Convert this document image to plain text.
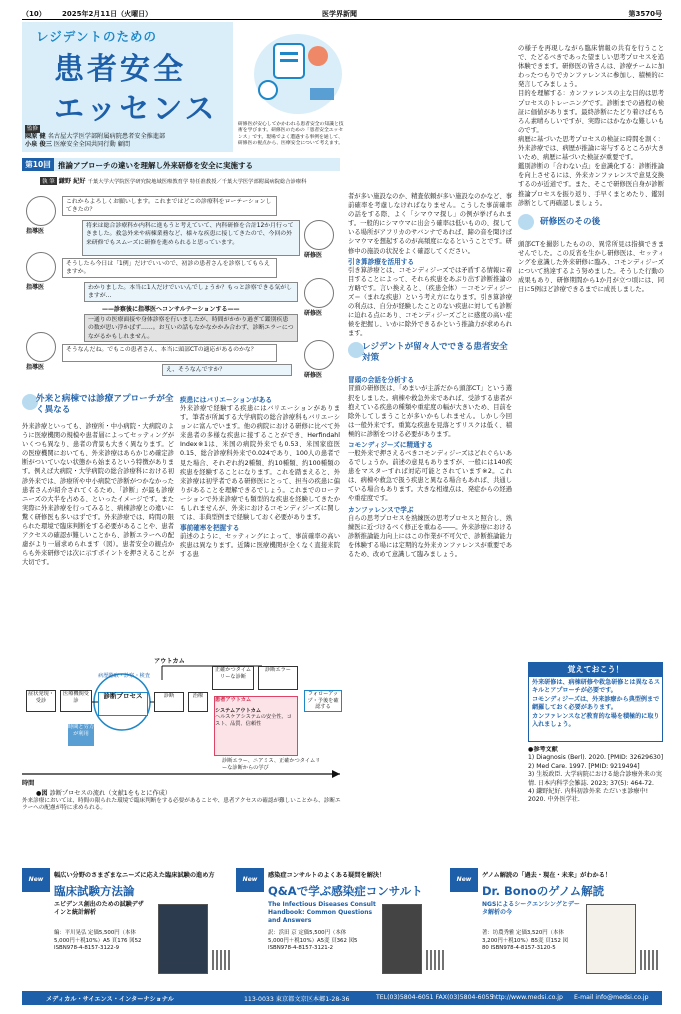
（10） 2025年2月11日（火曜日）	医学界新聞	第3570号
レジデントのための
患者安全
エッセンス
監修
陳原 健 名古屋大学医学部附属病院患者安全推進部
小泉 俊三 医療安全全国共同行動 顧問
研修医が安心してかかわれる患者安全の知識と技術を学びます。研修医のための「患者安全エッセンス」です。現場でよく遭遇する事例を通して、研修医の視点から、医療安全について考えます。
第10回 推論アプローチの違いを理解し外来研修を安全に実施する
執 筆 鎌野 紀好 千葉大学大学院医学研究院地域医療教育学 特任准教授／千葉大学医学部附属病院総合診療科
指導医
これからよろしくお願いします。これまではどこの診療科をローテーションしてきたの？
研修医
将来は総合診療科か内科に進もうと考えていて、内科研修を合計12か月行ってきました。救急外来や病棟業務など、様々な疾患に接してきたので、今回の外来研修でもスムーズに研修を進められると思っています。
指導医
そうしたら今日は「1例」だけでいいので、初診の患者さんを診察してもらえますか。
研修医
わかりました。本当に1人だけでいいんでしょうか？もっと診察できる気がしますが…
——診察後に指導医へコンサルテーションする——
一通りの医療面接や身体診察を行いましたが、時間がかかり過ぎて鑑別疾患の数が思い浮かばず……。お互いの話もなかなかかみ合わず、診断エラーにつながるかもしれません。
指導医
そうなんだね。でもこの患者さん、本当に頭部CTの適応があるのかな？
研修医
え、そうなんですか？
外来と病棟では診療アプローチが全く異なる
外来診療といっても、診療所・中小病院・大病院のように医療機関の規模や患者層によってセッティングがいくつも異なり、患者の背景も大きく異なります。どの医療機関においても、外来診療はあらかじめ確定診断がついていない状態から始まるという特徴があります。例えば大病院・大学病院の総合診療科における初診外来では、診療所や中小病院で診断がつかなかった患者さんが紹介されてくるため、「診断」が最も診療ニーズの大半を占める、といったイメージです。また実際に外来診療を行ってみると、病棟診療との違いに驚く研修医も多いはずです。外来診療では、時間の限られた環境で臨床判断をする必要があることや、患者アクセスの確認が難しいことから、診断エラーへの配慮がより一層求められます（図）。患者安全の観点からも外来研修では次に示すポイントを押さえることが大切です。
疾患にはバリエーションがある
外来診療で経験する疾患にはバリエーションがあります。筆者が所属する大学病院の総合診療科もバリエーションに富んでいます。他の病院における研修に比べて外来患者の多様な疾患に接することができ、Herfindahl Index※1は、米国の病院外来でも0.53、米国家庭医0.15、総合診療科外来で0.024であり、100人の患者で見た場合、それぞれ約2種類、約10種類、約100種類の疾患を経験することになります。これを踏まえると、外来診療は初学者である研修医にとって、担当の疾患に偏りがあることを理解できるでしょう。これまでのローテーションで外来診療でも類型的な疾患を経験してきたかもしれませんが、外来におけるコモンディジーズに関しては、非典型例まで経験しておく必要があります。
事前確率を把握する
前述のように、セッティングによって、事前確率の高い疾患は異なります。近隣に医療機関が全くなく直接来院する患
者が多い施設なのか、精査依頼が多い施設なのかなど、事前確率を考慮しなければなりません。こうした事前確率の話をする際、よく「シマウマ探し」の例が挙げられます。一般的にシマウマに出会う確率は低いものの、探している場所がアフリカのサバンナであれば、蹄の音を聞けばシマウマを想起するのが高頻度になるということです。研修中の施設の状況をよく確認してください。
引き算診療を活用する
引き算診療とは、コモンディジーズでは矛盾する情報に着目することによって、それら疾患をあぶり出す診断推論の方略です。言い換えると、（疾患全体）－コモンディジーズ＝（まれな疾患）という考え方になります。引き算診療の利点は、自分が経験したことのない疾患に対しても診断に迫れる点にあり、コモンディジーズごとに感度の高い症候を把握し、いかに除外できるかという推論力が求められます。
レジデントが留々人でできる患者安全対策
冒頭の会話を分析する
冒頭の研修医は、「めまいが主訴だから頭部CT」という選択をしました。病棟や救急外来であれば、受診する患者が抱えている疾患の種類や重症度の幅が大きいため、目前を除外してしまうことが多いかもしれません。しかし今回は一般外来です。重篤な疾患を見落とすリスクは低く、積極的に診断をつける必要があります。
コモンディジーズに精通する
一般外来で押さえるべきコモンディジーズはどれぐらいあるでしょうか。前述の意見もありますが、一般には140疾患をマスターすれば対応可能とされています※2。これは、病棟や救急で扱う疾患と異なる場合もあれば、共通している場合もあります。大きな相違点は、発症からの経過や重症度です。
カンファレンスで学ぶ
自らの思考プロセスを熟練医の思考プロセスと照合し、熟練医に近づけるべく修正を重ねる――。外来診療における診断推論能力向上にはこの作業が不可欠で、診断推論能力を体験する場には定期的な外来カンファレンスが重要であるため、改めて意識して臨みましょう。
の様子を再現しながら臨床情報の共有を行うことで、たどるべきであった望ましい思考プロセスを追体験できます。研修医の皆さんは、診療チームに加わったつもりでカンファレンスに参加し、積極的に発言してみましょう。
目的を理解する：カンファレンスの主な目的は思考プロセスのトレーニングです。診断までの過程の検証に価値があります。最終診断にたどり着けばもちろん素晴らしいですが、実際にはかなかな難しいものです。
病歴に基づいた思考プロセスの検証に時間を割く：外来診療では、病歴が推論に寄与するところが大きいため、病歴に基づいた検証が重要です。
鑑別診断の「合わない点」を意識化する：診断推論を向上させるには、外来カンファレンスで意見交換するのが近道です。また、そこで研修医自身が診断推論プロセスを振り返り、手早くまとめたり、鑑別診断として再確認しましょう。
研修医のその後
頭部CTを撮影したものの、異常所見は指摘できませんでした。この反省を生かし研修医は、セッティングを意識した外来研修に臨み、コモンディジーズについて熟達するよう努めました。そうした行動の成果もあり、研修期間から1か月が立つ頃には、同日に5例ほど診療できるまでに成長しました。
覚えておこう！
外来研修は、病棟研修や救急研修とは異なるスキルとアプローチが必要です。
コモンディジーズは、外来診療から典型例まで網羅しておく必要があります。
カンファレンスなど教育的な場を積極的に取り入れましょう。
●参考文献
1) Diagnosis (Berl). 2020. [PMID: 32629630]
2) Med Care. 1997. [PMID: 9219494]
3) 生坂政臣. 大学病院における総合診療外来の実情. 日本内科学会雑誌. 2023; 37(5): 464-72.
4) 鎌野紀好. 内科初診外来 ただいま診療中! 2020. 中外医学社.
症状発現・受診
医療機関受診
診断プロセス
病歴聴取・診察・検査
時間と労力が利用
アウトカム
診断	治療
正確かつタイムリーな診断
診断エラー
患者アウトカム
システムアウトカム
ヘルスケアシステムの安全性、コスト、品質、信頼性
フォローアップ・予後を確認する
診断エラー、ニアミス、正確かつタイムリーな診断からの学び
時間
●図 診断プロセスの流れ（文献1をもとに作成）
外来診療においては、時間の限られた環境で臨床判断をする必要があることや、患者アクセスの確認が難しいことから、診断エラーへの配慮が特に求められる。
New
幅広い分野のさまざまなニーズに応えた臨床試験の進め方
臨床試験方法論
エビデンス創出のための試験デザインと統計解析
編：平川晃弘 定価5,500円（本体5,000円＋税10%）A5 頁176 図52 ISBN978-4-8157-3122-9
New
感染症コンサルトのよくある疑問を解決！
Q&Aで学ぶ感染症コンサルト
The Infectious Diseases Consult Handbook: Common Questions and Answers
訳：浜田 京 定価5,500円（本体5,000円＋税10%）A5変 頁362 図5 ISBN978-4-8157-3121-2
New
ゲノム解読の「過去・現在・未来」がわかる！
Dr. Bonoのゲノム解読
NGSによるシークエンシングとデータ解析の今
著：坊農秀雅 定価3,520円（本体3,200円＋税10%）B5変 頁152 図80 ISBN978-4-8157-3120-5
メディカル・サイエンス・インターナショナル	113-0033 東京都文京区本郷1-28-36	TEL(03)5804-6051 FAX(03)5804-6055
http://www.medsi.co.jp E-mail info@medsi.co.jp
